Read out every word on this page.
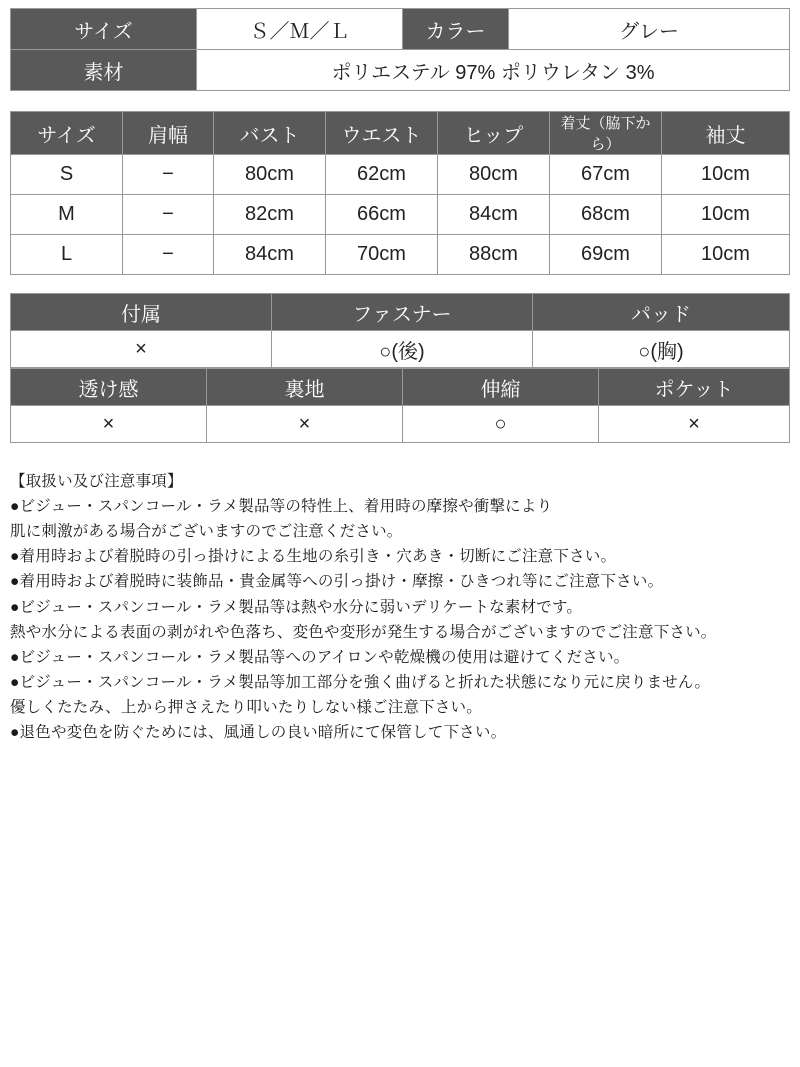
サイズ	Ｓ／Ｍ／Ｌ	カラー	グレー
素材	ポリエステル 97% ポリウレタン 3%		
サイズ	肩幅	バスト	ウエスト	ヒップ	着丈（脇下から）	袖丈
S	−	80cm	62cm	80cm	67cm	10cm
M	−	82cm	66cm	84cm	68cm	10cm
L	−	84cm	70cm	88cm	69cm	10cm
付属	ファスナー	パッド
×	○(後)	○(胸)
透け感	裏地	伸縮	ポケット
×	×	○	×
【取扱い及び注意事項】
●ビジュー・スパンコール・ラメ製品等の特性上、着用時の摩擦や衝撃により
肌に刺激がある場合がございますのでご注意ください。
●着用時および着脱時の引っ掛けによる生地の糸引き・穴あき・切断にご注意下さい。
●着用時および着脱時に装飾品・貴金属等への引っ掛け・摩擦・ひきつれ等にご注意下さい。
●ビジュー・スパンコール・ラメ製品等は熱や水分に弱いデリケートな素材です。
熱や水分による表面の剥がれや色落ち、変色や変形が発生する場合がございますのでご注意下さい。
●ビジュー・スパンコール・ラメ製品等へのアイロンや乾燥機の使用は避けてください。
●ビジュー・スパンコール・ラメ製品等加工部分を強く曲げると折れた状態になり元に戻りません。
優しくたたみ、上から押さえたり叩いたりしない様ご注意下さい。
●退色や変色を防ぐためには、風通しの良い暗所にて保管して下さい。
